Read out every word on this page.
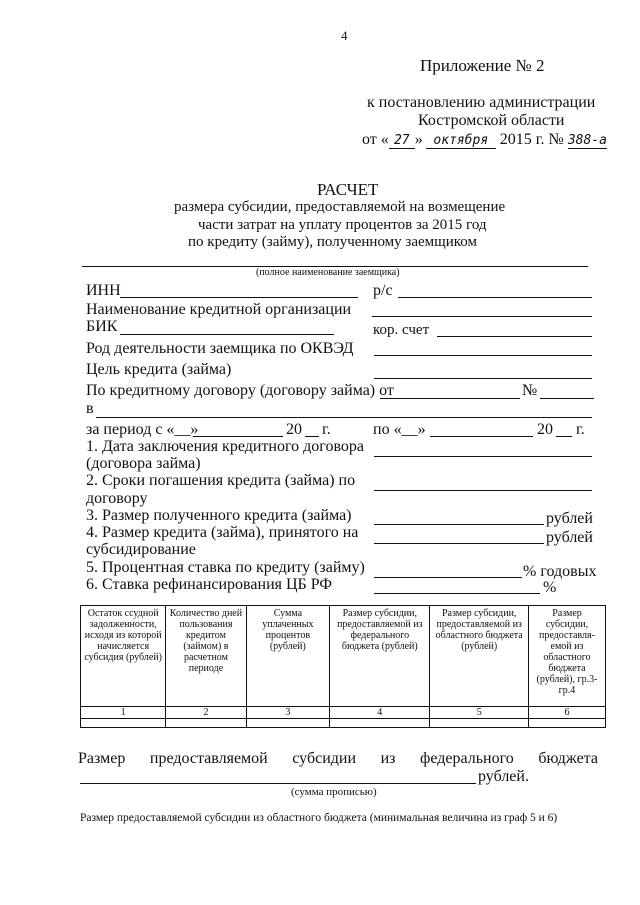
4
Приложение № 2
к постановлению администрации
Костромской области
от « 27 » октября 2015 г. № 388-а
РАСЧЕТ
размера субсидии, предоставляемой на возмещение
части затрат на уплату процентов за 2015 год
по кредиту (займу), полученному заемщиком
(полное наименование заемщика)
ИНН	р/с
Наименование кредитной организации
БИК	кор. счет
Род деятельности заемщика по ОКВЭД
Цель кредита (займа)
По кредитному договору (договору займа) от	№
в
за период с «__»	20 г.	по «__»	20 г.
1. Дата заключения кредитного договора
(договора займа)
2. Сроки погашения кредита (займа) по
договору
3. Размер полученного кредита (займа)	рублей
4. Размер кредита (займа), принятого на
субсидирование
рублей
5. Процентная ставка по кредиту (займу)	% годовых
6. Ставка рефинансирования ЦБ РФ	%
Остаток ссудной задолженности, исходя из которой начисляется субсидия (рублей)	Количество дней пользования кредитом (займом) в расчетном периоде	Сумма уплаченных процентов (рублей)	Размер субсидии, предоставляемой из федерального бюджета (рублей)	Размер субсидии, предоставляемой из областного бюджета (рублей)	Размер субсидии, предоставля-емой из областного бюджета (рублей), гр.3-гр.4
1	2	3	4	5	6

Размер предоставляемой субсидии из федерального бюджета
рублей.
(сумма прописью)
Размер предоставляемой субсидии из областного бюджета (минимальная величина из граф 5 и 6)
